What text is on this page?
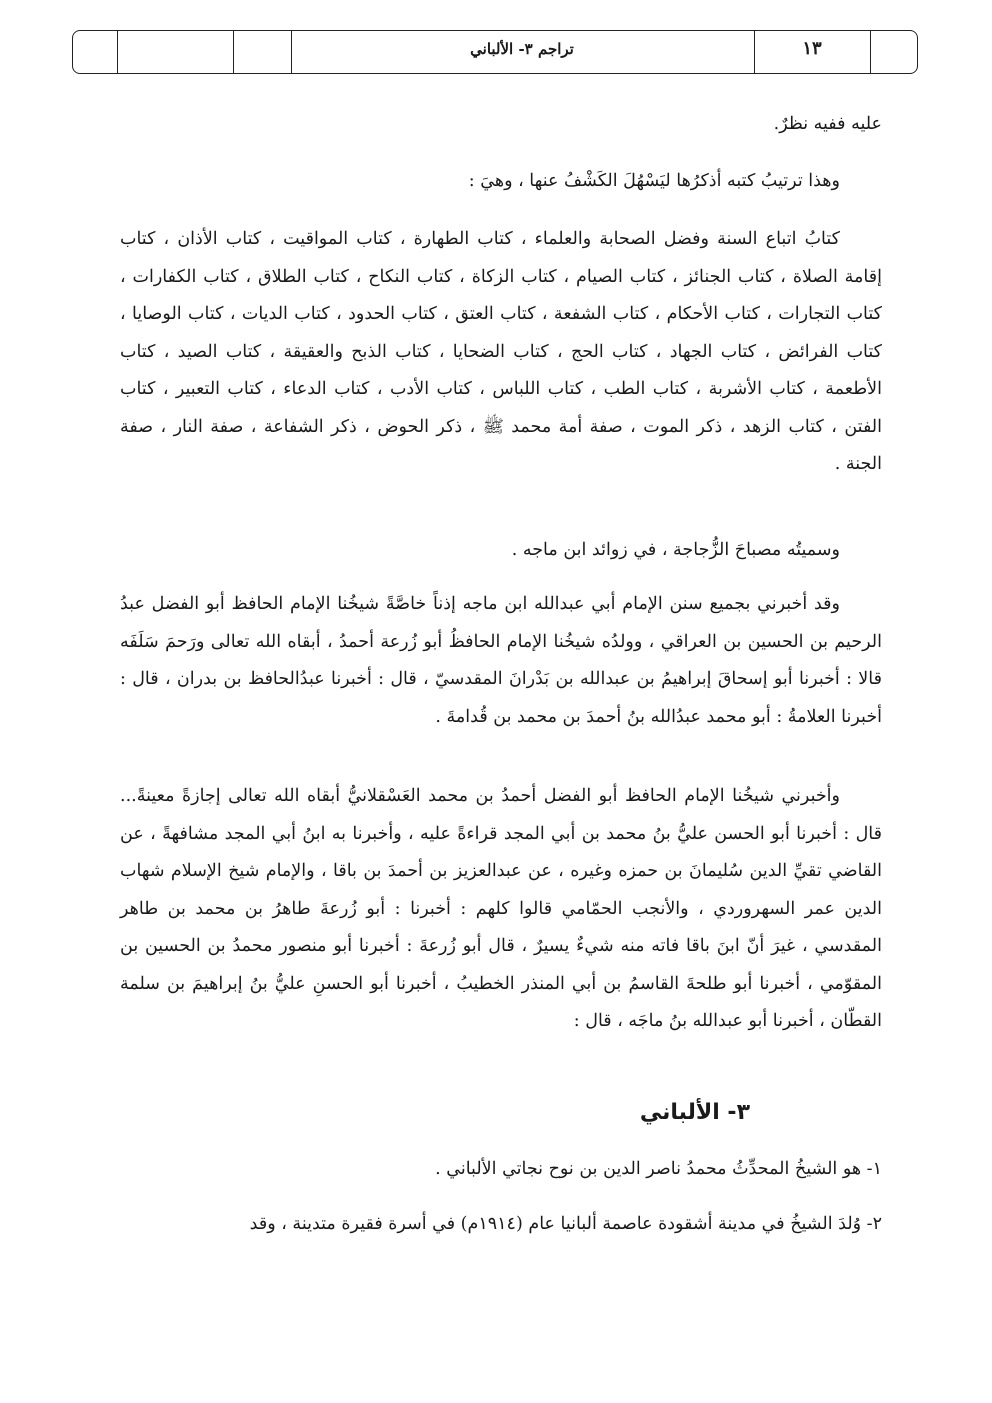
تراجم ٣- الألباني	١٣

عليه ففيه نظرٌ.

وهذا ترتيبُ كتبه أذكرُها ليَسْهُلَ الكَشْفُ عنها ، وهيَ :

كتابُ اتباع السنة وفضل الصحابة والعلماء ، كتاب الطهارة ، كتاب المواقيت ، كتاب الأذان ، كتاب إقامة الصلاة ، كتاب الجنائز ، كتاب الصيام ، كتاب الزكاة ، كتاب النكاح ، كتاب الطلاق ، كتاب الكفارات ، كتاب التجارات ، كتاب الأحكام ، كتاب الشفعة ، كتاب العتق ، كتاب الحدود ، كتاب الديات ، كتاب الوصايا ، كتاب الفرائض ، كتاب الجهاد ، كتاب الحج ، كتاب الضحايا ، كتاب الذبح والعقيقة ، كتاب الصيد ، كتاب الأطعمة ، كتاب الأشربة ، كتاب الطب ، كتاب اللباس ، كتاب الأدب ، كتاب الدعاء ، كتاب التعبير ، كتاب الفتن ، كتاب الزهد ، ذكر الموت ، صفة أمة محمد ﷺ ، ذكر الحوض ، ذكر الشفاعة ، صفة النار ، صفة الجنة .

وسميتُه مصباحَ الزُّجاجة ، في زوائد ابن ماجه .

وقد أخبرني بجميع سنن الإمام أبي عبدالله ابن ماجه إذناً خاصَّةً شيخُنا الإمام الحافظ أبو الفضل عبدُ الرحيم بن الحسين بن العراقي ، وولدُه شيخُنا الإمام الحافظُ أبو زُرعة أحمدُ ، أبقاه الله تعالى ورَحمَ سَلَفَه قالا : أخبرنا أبو إسحاقَ إبراهيمُ بن عبدالله بن بَدْرانَ المقدسيّ ، قال : أخبرنا عبدُالحافظ بن بدران ، قال : أخبرنا العلامةُ : أبو محمد عبدُالله بنُ أحمدَ بن محمد بن قُدامةَ .

وأخبرني شيخُنا الإمام الحافظ أبو الفضل أحمدُ بن محمد العَسْقلانيُّ أبقاه الله تعالى إجازةً معينةً... قال : أخبرنا أبو الحسن عليُّ بنُ محمد بن أبي المجد قراءةً عليه ، وأخبرنا به ابنُ أبي المجد مشافهةً ، عن القاضي تقيِّ الدين سُليمانَ بن حمزه وغيره ، عن عبدالعزيز بن أحمدَ بن باقا ، والإمام شيخ الإسلام شهاب الدين عمر السهروردي ، والأنجب الحمّامي قالوا كلهم : أخبرنا : أبو زُرعةَ طاهرُ بن محمد بن طاهر المقدسي ، غيرَ أنّ ابنَ باقا فاته منه شيءٌ يسيرٌ ، قال أبو زُرعةَ : أخبرنا أبو منصور محمدُ بن الحسين بن المقوّمي ، أخبرنا أبو طلحةَ القاسمُ بن أبي المنذر الخطيبُ ، أخبرنا أبو الحسنِ عليُّ بنُ إبراهيمَ بن سلمة القطّان ، أخبرنا أبو عبدالله بنُ ماجَه ، قال :

٣- الألباني

١- هو الشيخُ المحدِّثُ محمدُ ناصر الدين بن نوح نجاتي الألباني .

٢- وُلدَ الشيخُ في مدينة أشقودة عاصمة ألبانيا عام (١٩١٤م) في أسرة فقيرة متدينة ، وقد
